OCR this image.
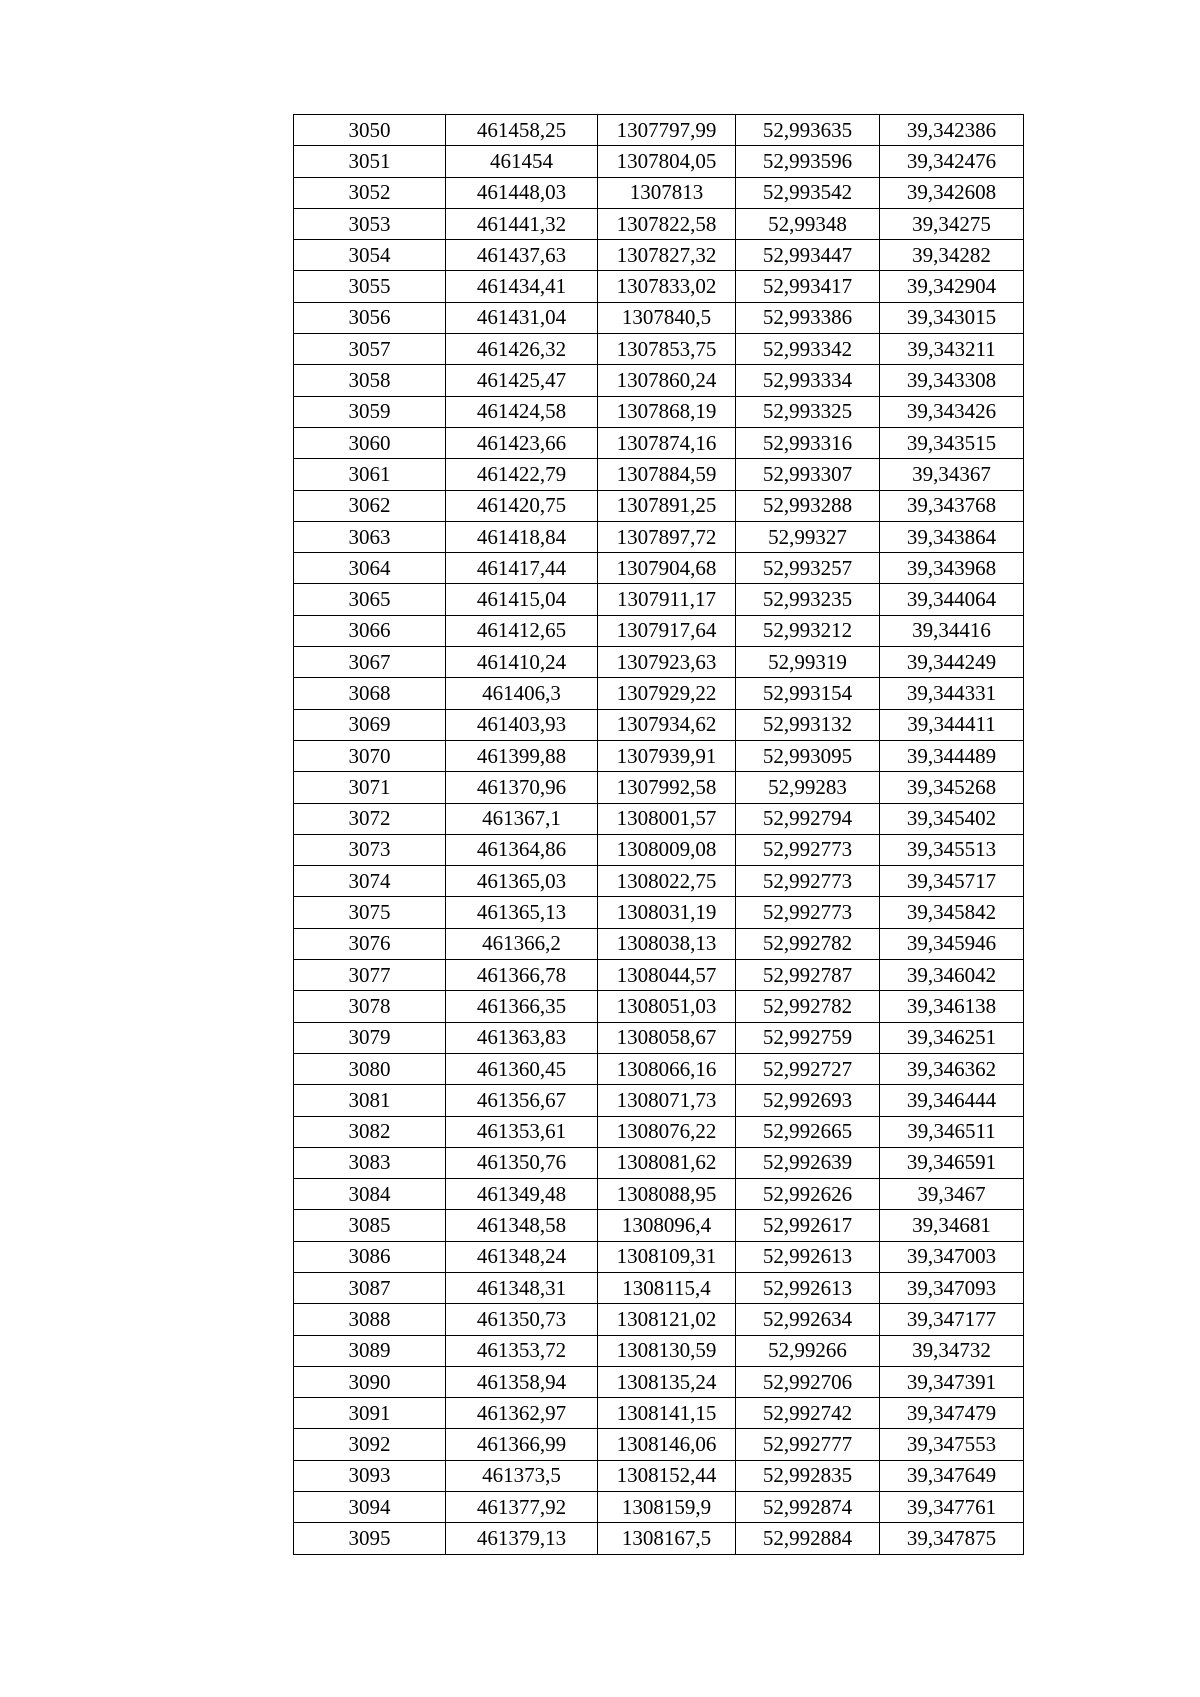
3050	461458,25	1307797,99	52,993635	39,342386
3051	461454	1307804,05	52,993596	39,342476
3052	461448,03	1307813	52,993542	39,342608
3053	461441,32	1307822,58	52,99348	39,34275
3054	461437,63	1307827,32	52,993447	39,34282
3055	461434,41	1307833,02	52,993417	39,342904
3056	461431,04	1307840,5	52,993386	39,343015
3057	461426,32	1307853,75	52,993342	39,343211
3058	461425,47	1307860,24	52,993334	39,343308
3059	461424,58	1307868,19	52,993325	39,343426
3060	461423,66	1307874,16	52,993316	39,343515
3061	461422,79	1307884,59	52,993307	39,34367
3062	461420,75	1307891,25	52,993288	39,343768
3063	461418,84	1307897,72	52,99327	39,343864
3064	461417,44	1307904,68	52,993257	39,343968
3065	461415,04	1307911,17	52,993235	39,344064
3066	461412,65	1307917,64	52,993212	39,34416
3067	461410,24	1307923,63	52,99319	39,344249
3068	461406,3	1307929,22	52,993154	39,344331
3069	461403,93	1307934,62	52,993132	39,344411
3070	461399,88	1307939,91	52,993095	39,344489
3071	461370,96	1307992,58	52,99283	39,345268
3072	461367,1	1308001,57	52,992794	39,345402
3073	461364,86	1308009,08	52,992773	39,345513
3074	461365,03	1308022,75	52,992773	39,345717
3075	461365,13	1308031,19	52,992773	39,345842
3076	461366,2	1308038,13	52,992782	39,345946
3077	461366,78	1308044,57	52,992787	39,346042
3078	461366,35	1308051,03	52,992782	39,346138
3079	461363,83	1308058,67	52,992759	39,346251
3080	461360,45	1308066,16	52,992727	39,346362
3081	461356,67	1308071,73	52,992693	39,346444
3082	461353,61	1308076,22	52,992665	39,346511
3083	461350,76	1308081,62	52,992639	39,346591
3084	461349,48	1308088,95	52,992626	39,3467
3085	461348,58	1308096,4	52,992617	39,34681
3086	461348,24	1308109,31	52,992613	39,347003
3087	461348,31	1308115,4	52,992613	39,347093
3088	461350,73	1308121,02	52,992634	39,347177
3089	461353,72	1308130,59	52,99266	39,34732
3090	461358,94	1308135,24	52,992706	39,347391
3091	461362,97	1308141,15	52,992742	39,347479
3092	461366,99	1308146,06	52,992777	39,347553
3093	461373,5	1308152,44	52,992835	39,347649
3094	461377,92	1308159,9	52,992874	39,347761
3095	461379,13	1308167,5	52,992884	39,347875
